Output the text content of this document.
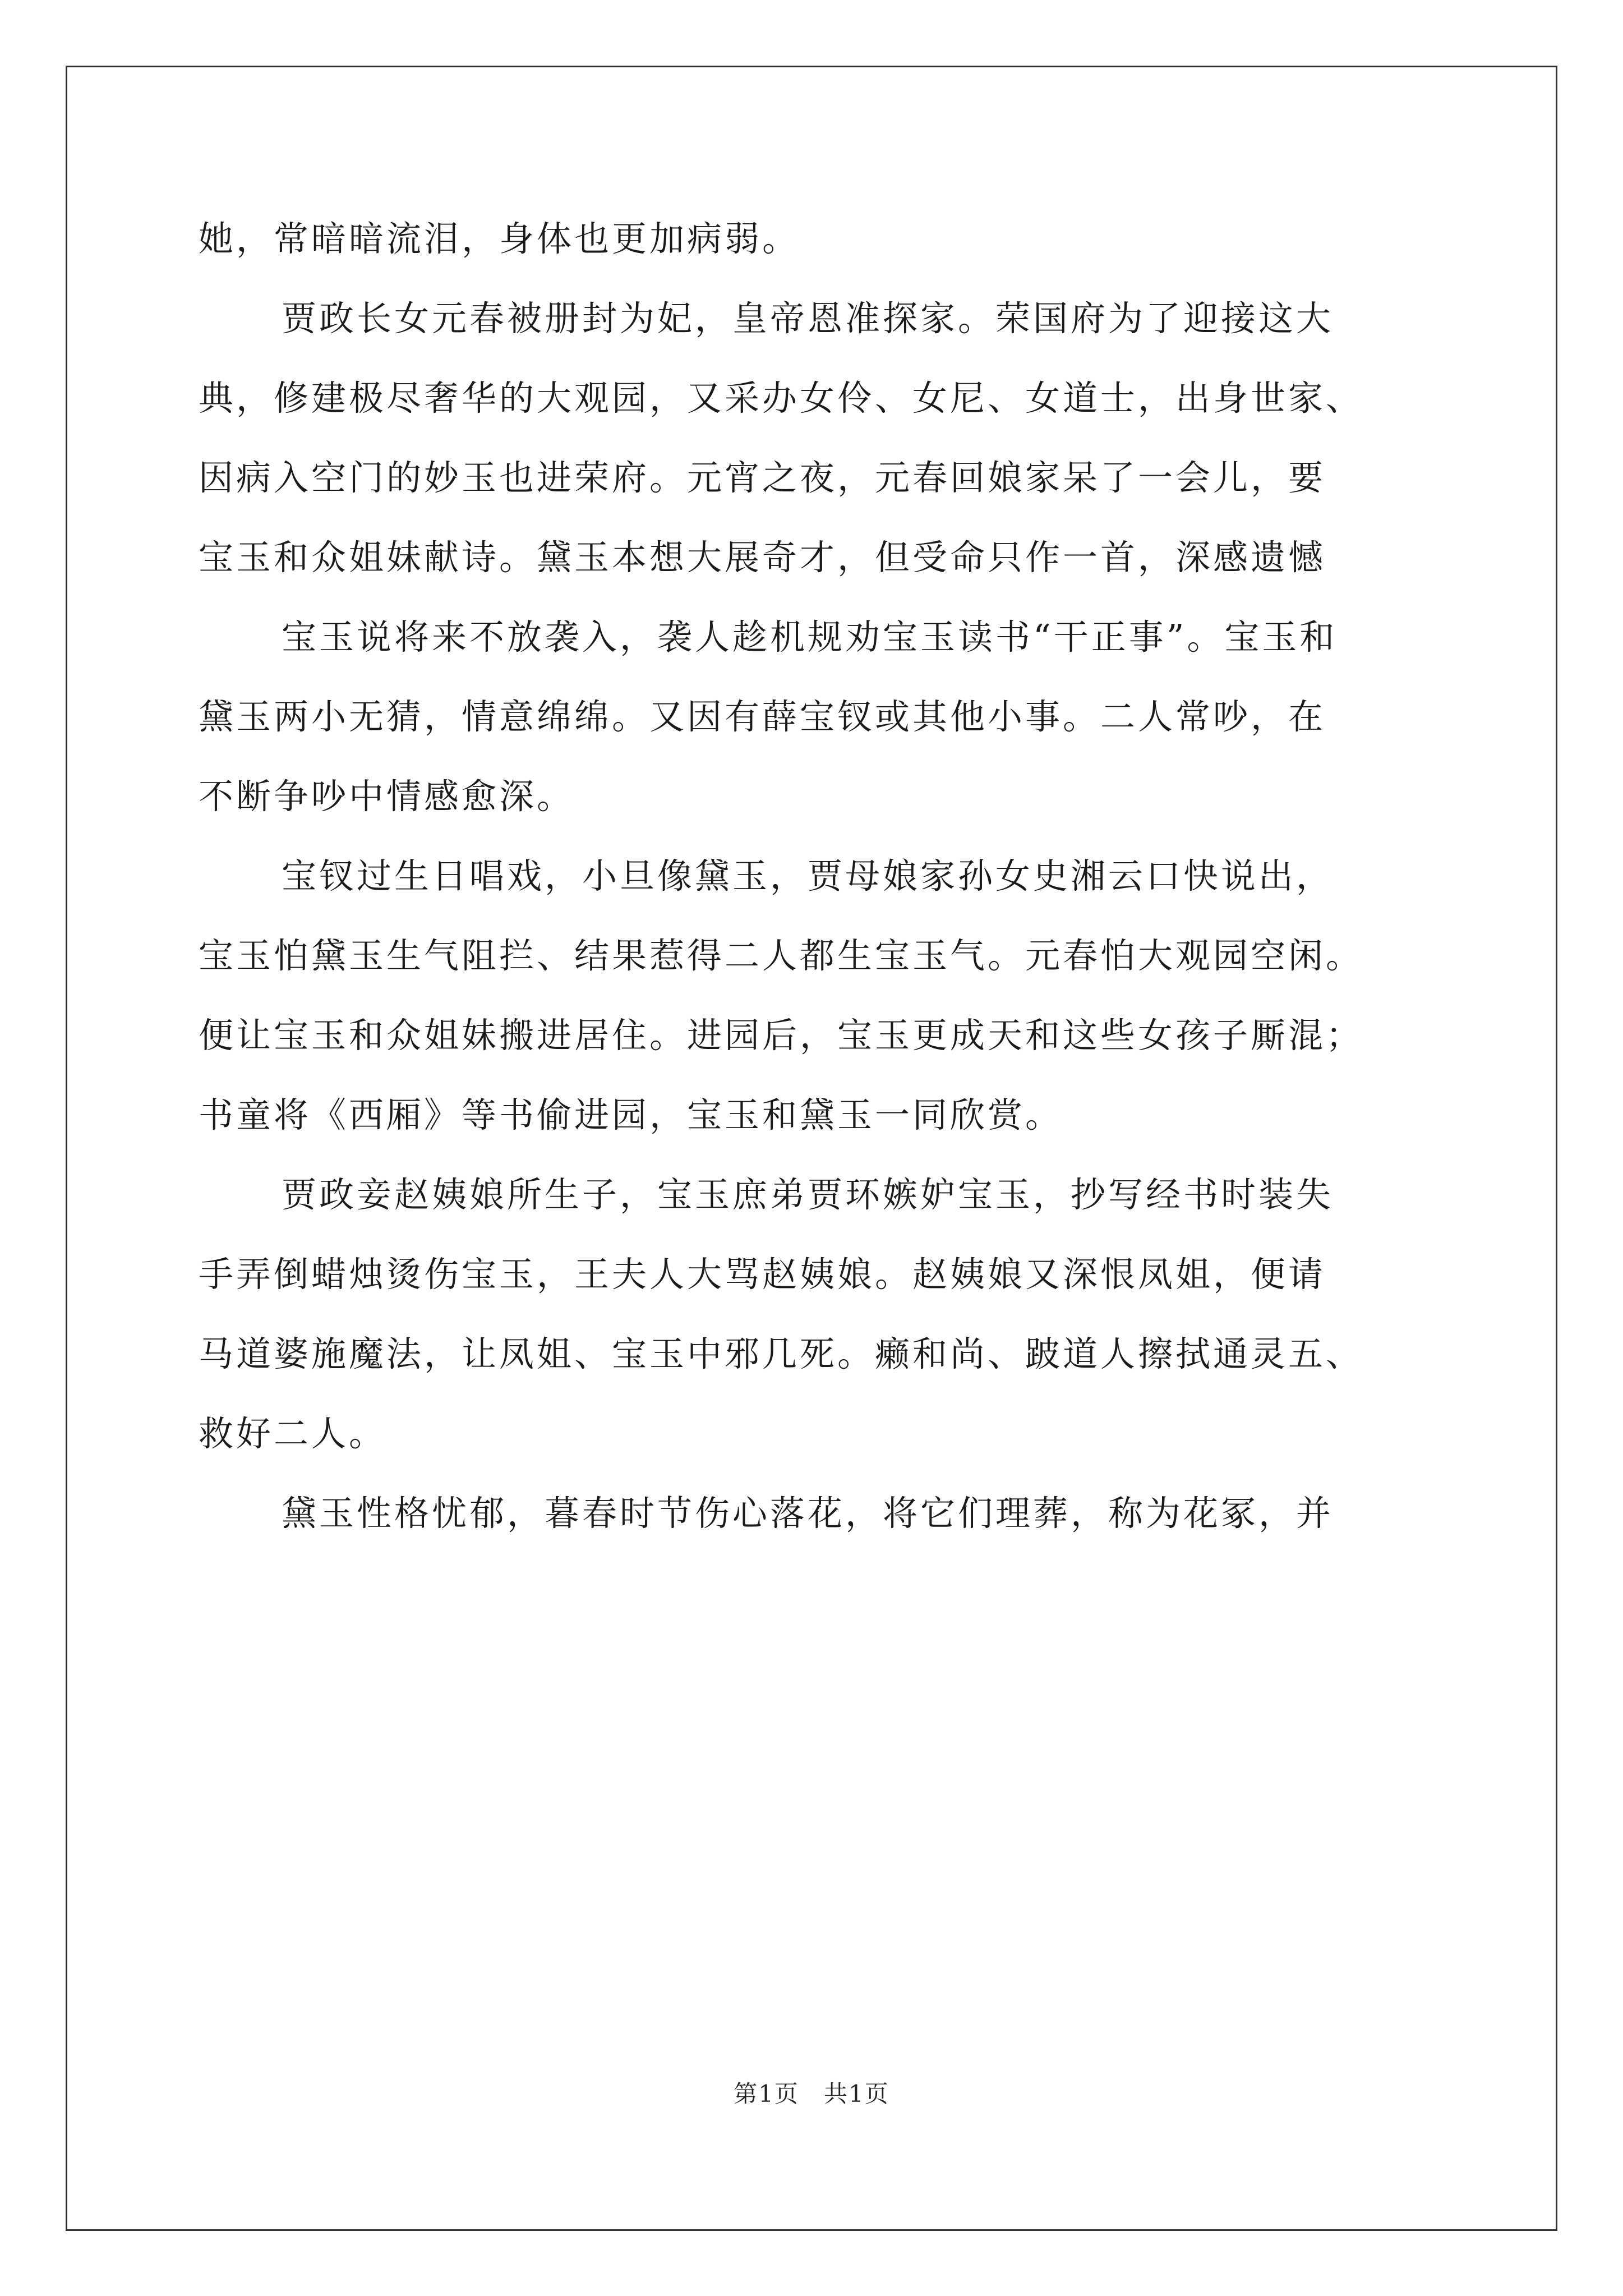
她，常暗暗流泪，身体也更加病弱。
贾政长女元春被册封为妃，皇帝恩准探家。荣国府为了迎接这大
典，修建极尽奢华的大观园，又采办女伶、女尼、女道士，出身世家、
因病入空门的妙玉也进荣府。元宵之夜，元春回娘家呆了一会儿，要
宝玉和众姐妹献诗。黛玉本想大展奇才，但受命只作一首，深感遗憾
宝玉说将来不放袭入，袭人趁机规劝宝玉读书“干正事”。宝玉和
黛玉两小无猜，情意绵绵。又因有薛宝钗或其他小事。二人常吵，在
不断争吵中情感愈深。
宝钗过生日唱戏，小旦像黛玉，贾母娘家孙女史湘云口快说出，
宝玉怕黛玉生气阻拦、结果惹得二人都生宝玉气。元春怕大观园空闲。
便让宝玉和众姐妹搬进居住。进园后，宝玉更成天和这些女孩子厮混；
书童将《西厢》等书偷进园，宝玉和黛玉一同欣赏。
贾政妾赵姨娘所生子，宝玉庶弟贾环嫉妒宝玉，抄写经书时装失
手弄倒蜡烛烫伤宝玉，王夫人大骂赵姨娘。赵姨娘又深恨凤姐，便请
马道婆施魔法，让凤姐、宝玉中邪几死。癞和尚、跛道人擦拭通灵五、
救好二人。
黛玉性格忧郁，暮春时节伤心落花，将它们理葬，称为花冢，并
第1页　共1页
